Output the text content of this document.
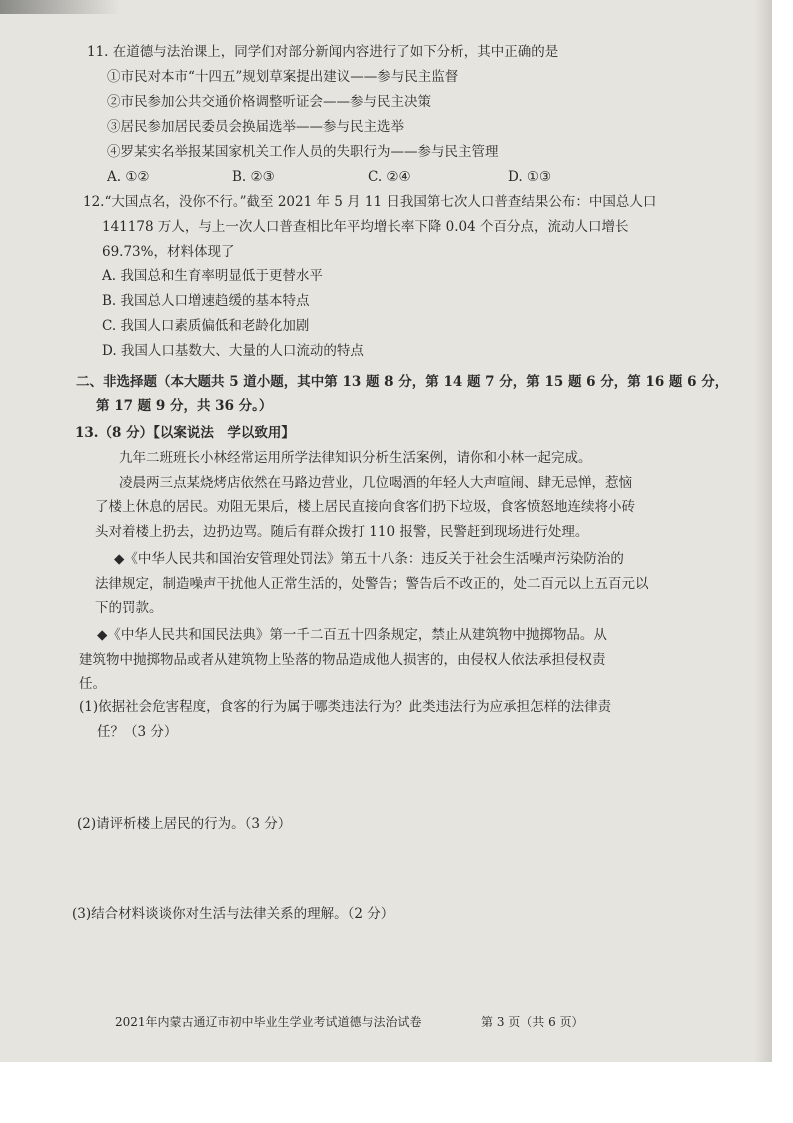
11. 在道德与法治课上，同学们对部分新闻内容进行了如下分析，其中正确的是
①市民对本市“十四五”规划草案提出建议——参与民主监督
②市民参加公共交通价格调整听证会——参与民主决策
③居民参加居民委员会换届选举——参与民主选举
④罗某实名举报某国家机关工作人员的失职行为——参与民主管理
A. ①②	B. ②③	C. ②④	D. ①③
12.“大国点名，没你不行。”截至 2021 年 5 月 11 日我国第七次人口普查结果公布：中国总人口
141178 万人，与上一次人口普查相比年平均增长率下降 0.04 个百分点，流动人口增长
69.73%，材料体现了
A. 我国总和生育率明显低于更替水平
B. 我国总人口增速趋缓的基本特点
C. 我国人口素质偏低和老龄化加剧
D. 我国人口基数大、大量的人口流动的特点
二、非选择题（本大题共 5 道小题，其中第 13 题 8 分，第 14 题 7 分，第 15 题 6 分，第 16 题 6 分，
第 17 题 9 分，共 36 分。）
13.（8 分）【以案说法　学以致用】
九年二班班长小林经常运用所学法律知识分析生活案例，请你和小林一起完成。
凌晨两三点某烧烤店依然在马路边营业，几位喝酒的年轻人大声喧闹、肆无忌惮，惹恼
了楼上休息的居民。劝阻无果后，楼上居民直接向食客们扔下垃圾，食客愤怒地连续将小砖
头对着楼上扔去，边扔边骂。随后有群众拨打 110 报警，民警赶到现场进行处理。
◆《中华人民共和国治安管理处罚法》第五十八条：违反关于社会生活噪声污染防治的
法律规定，制造噪声干扰他人正常生活的，处警告；警告后不改正的，处二百元以上五百元以
下的罚款。
◆《中华人民共和国民法典》第一千二百五十四条规定，禁止从建筑物中抛掷物品。从
建筑物中抛掷物品或者从建筑物上坠落的物品造成他人损害的，由侵权人依法承担侵权责
任。
(1)依据社会危害程度，食客的行为属于哪类违法行为？此类违法行为应承担怎样的法律责
任？（3 分）
(2)请评析楼上居民的行为。（3 分）
(3)结合材料谈谈你对生活与法律关系的理解。（2 分）
2021年内蒙古通辽市初中毕业生学业考试道德与法治试卷	第 3 页（共 6 页）
